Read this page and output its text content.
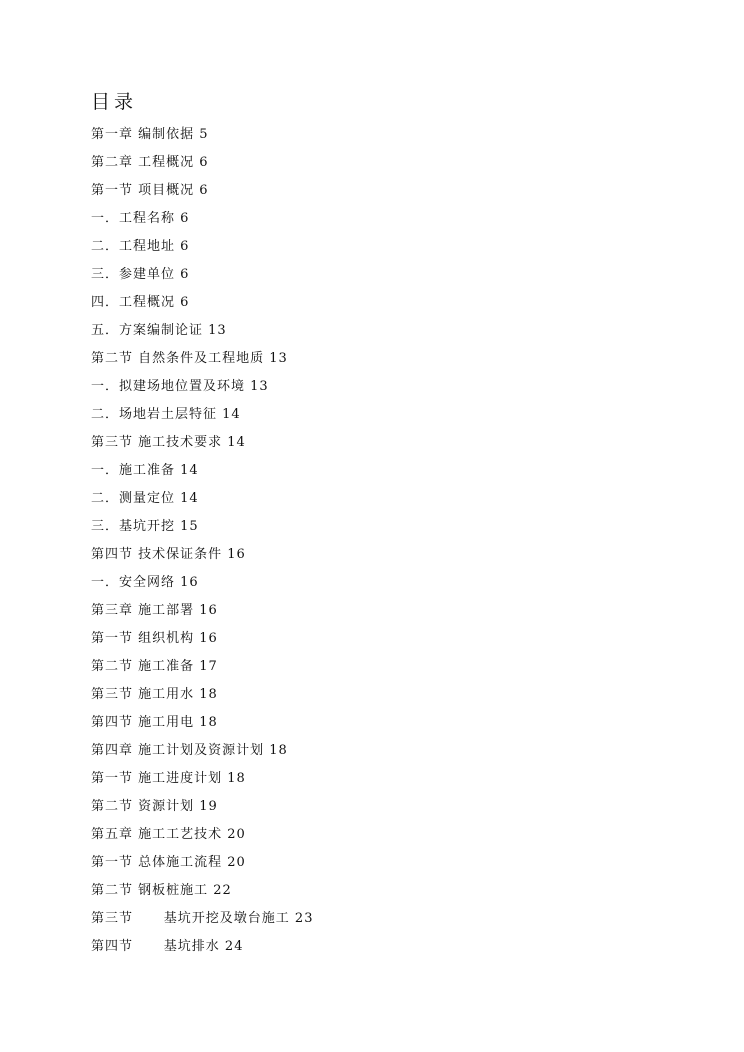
目录
第一章 编制依据 5
第二章 工程概况 6
第一节 项目概况 6
一．工程名称 6
二．工程地址 6
三．参建单位 6
四．工程概况 6
五．方案编制论证 13
第二节 自然条件及工程地质 13
一．拟建场地位置及环境 13
二．场地岩土层特征 14
第三节 施工技术要求 14
一．施工准备 14
二．测量定位 14
三．基坑开挖 15
第四节 技术保证条件 16
一．安全网络 16
第三章 施工部署 16
第一节 组织机构 16
第二节 施工准备 17
第三节 施工用水 18
第四节 施工用电 18
第四章 施工计划及资源计划 18
第一节 施工进度计划 18
第二节 资源计划 19
第五章 施工工艺技术 20
第一节 总体施工流程 20
第二节 钢板桩施工 22
第三节      基坑开挖及墩台施工 23
第四节      基坑排水 24
